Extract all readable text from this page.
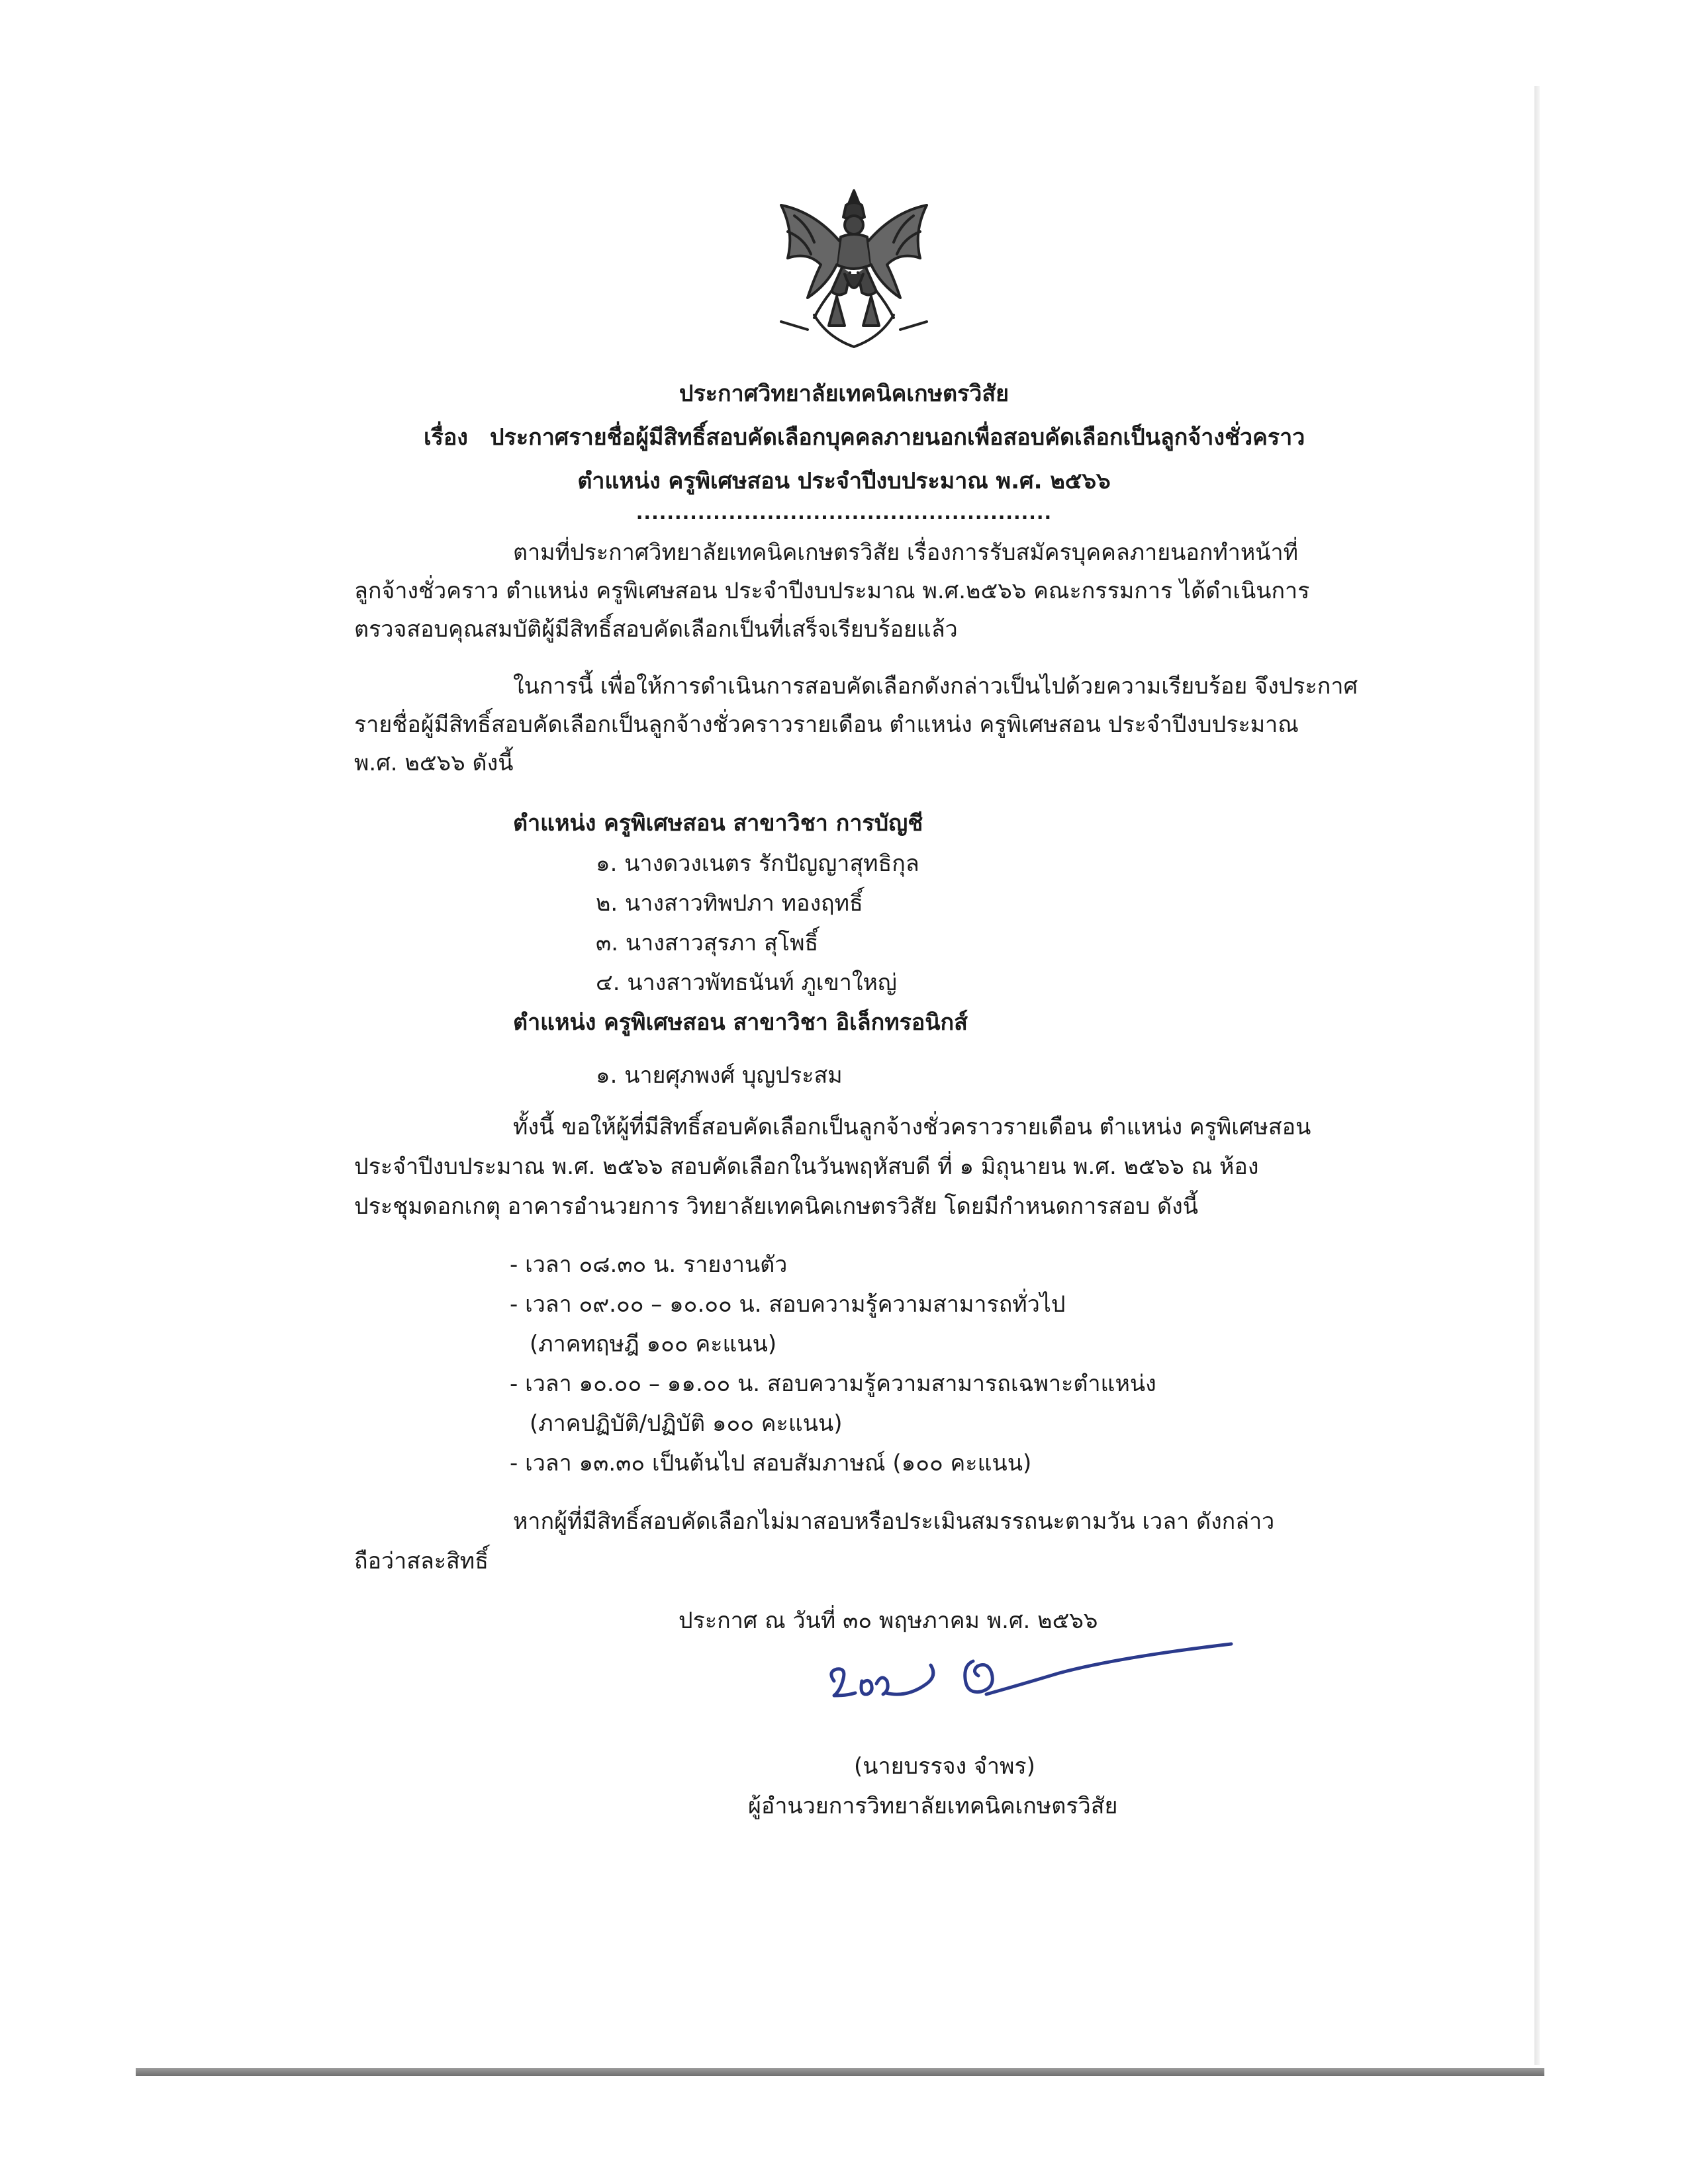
ประกาศวิทยาลัยเทคนิคเกษตรวิสัย
เรื่อง ประกาศรายชื่อผู้มีสิทธิ์สอบคัดเลือกบุคคลภายนอกเพื่อสอบคัดเลือกเป็นลูกจ้างชั่วคราว
ตำแหน่ง ครูพิเศษสอน ประจำปีงบประมาณ พ.ศ. ๒๕๖๖
......................................................
ตามที่ประกาศวิทยาลัยเทคนิคเกษตรวิสัย เรื่องการรับสมัครบุคคลภายนอกทำหน้าที่
ลูกจ้างชั่วคราว ตำแหน่ง ครูพิเศษสอน ประจำปีงบประมาณ พ.ศ.๒๕๖๖ คณะกรรมการ ได้ดำเนินการ
ตรวจสอบคุณสมบัติผู้มีสิทธิ์สอบคัดเลือกเป็นที่เสร็จเรียบร้อยแล้ว
ในการนี้ เพื่อให้การดำเนินการสอบคัดเลือกดังกล่าวเป็นไปด้วยความเรียบร้อย จึงประกาศ
รายชื่อผู้มีสิทธิ์สอบคัดเลือกเป็นลูกจ้างชั่วคราวรายเดือน ตำแหน่ง ครูพิเศษสอน ประจำปีงบประมาณ
พ.ศ. ๒๕๖๖ ดังนี้
ตำแหน่ง ครูพิเศษสอน สาขาวิชา การบัญชี
๑. นางดวงเนตร รักปัญญาสุทธิกุล
๒. นางสาวทิพปภา ทองฤทธิ์
๓. นางสาวสุรภา สุโพธิ์
๔. นางสาวพัทธนันท์ ภูเขาใหญ่
ตำแหน่ง ครูพิเศษสอน สาขาวิชา อิเล็กทรอนิกส์
๑. นายศุภพงศ์ บุญประสม
ทั้งนี้ ขอให้ผู้ที่มีสิทธิ์สอบคัดเลือกเป็นลูกจ้างชั่วคราวรายเดือน ตำแหน่ง ครูพิเศษสอน
ประจำปีงบประมาณ พ.ศ. ๒๕๖๖ สอบคัดเลือกในวันพฤหัสบดี ที่ ๑ มิถุนายน พ.ศ. ๒๕๖๖ ณ ห้อง
ประชุมดอกเกตุ อาคารอำนวยการ วิทยาลัยเทคนิคเกษตรวิสัย โดยมีกำหนดการสอบ ดังนี้
- เวลา ๐๘.๓๐ น. รายงานตัว
- เวลา ๐๙.๐๐ – ๑๐.๐๐ น. สอบความรู้ความสามารถทั่วไป
(ภาคทฤษฎี ๑๐๐ คะแนน)
- เวลา ๑๐.๐๐ – ๑๑.๐๐ น. สอบความรู้ความสามารถเฉพาะตำแหน่ง
(ภาคปฏิบัติ/ปฏิบัติ ๑๐๐ คะแนน)
- เวลา ๑๓.๓๐ เป็นต้นไป สอบสัมภาษณ์ (๑๐๐ คะแนน)
หากผู้ที่มีสิทธิ์สอบคัดเลือกไม่มาสอบหรือประเมินสมรรถนะตามวัน เวลา ดังกล่าว
ถือว่าสละสิทธิ์
ประกาศ ณ วันที่ ๓๐ พฤษภาคม พ.ศ. ๒๕๖๖
(นายบรรจง จำพร)
ผู้อำนวยการวิทยาลัยเทคนิคเกษตรวิสัย
